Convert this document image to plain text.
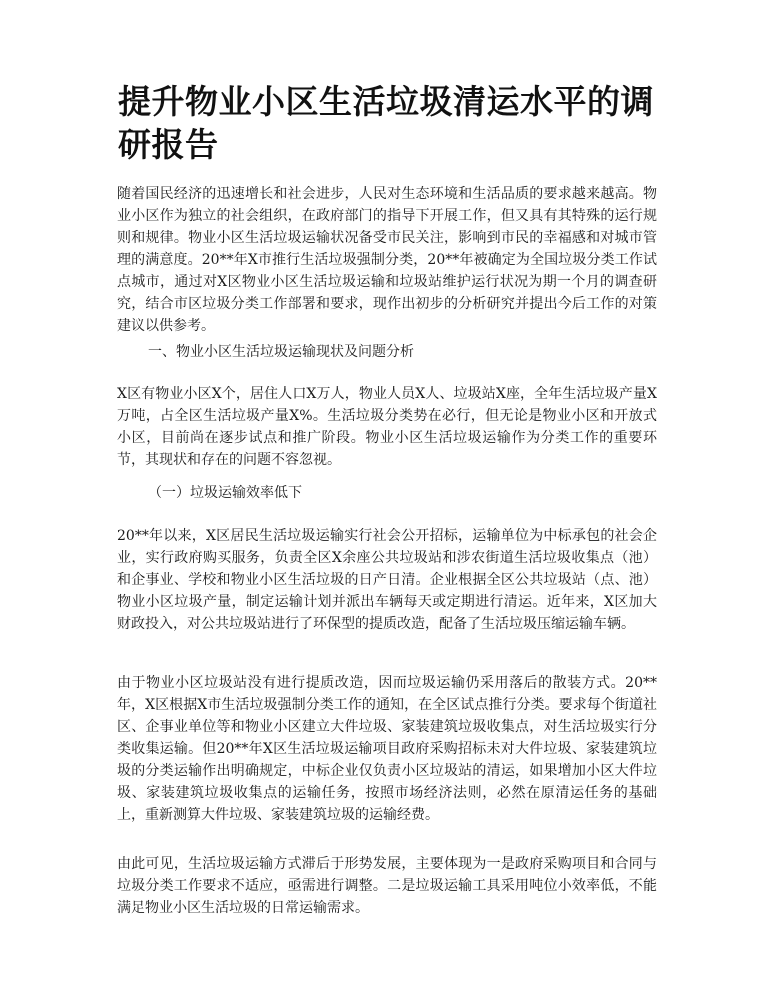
提升物业小区生活垃圾清运水平的调研报告

随着国民经济的迅速增长和社会进步，人民对生态环境和生活品质的要求越来越高。物业小区作为独立的社会组织，在政府部门的指导下开展工作，但又具有其特殊的运行规则和规律。物业小区生活垃圾运输状况备受市民关注，影响到市民的幸福感和对城市管理的满意度。20**年X市推行生活垃圾强制分类，20**年被确定为全国垃圾分类工作试点城市，通过对X区物业小区生活垃圾运输和垃圾站维护运行状况为期一个月的调查研究，结合市区垃圾分类工作部署和要求，现作出初步的分析研究并提出今后工作的对策建议以供参考。

一、物业小区生活垃圾运输现状及问题分析

X区有物业小区X个，居住人口X万人，物业人员X人、垃圾站X座，全年生活垃圾产量X万吨，占全区生活垃圾产量X%。生活垃圾分类势在必行，但无论是物业小区和开放式小区，目前尚在逐步试点和推广阶段。物业小区生活垃圾运输作为分类工作的重要环节，其现状和存在的问题不容忽视。

（一）垃圾运输效率低下

20**年以来，X区居民生活垃圾运输实行社会公开招标，运输单位为中标承包的社会企业，实行政府购买服务，负责全区X余座公共垃圾站和涉农街道生活垃圾收集点（池）和企事业、学校和物业小区生活垃圾的日产日清。企业根据全区公共垃圾站（点、池）物业小区垃圾产量，制定运输计划并派出车辆每天或定期进行清运。近年来，X区加大财政投入，对公共垃圾站进行了环保型的提质改造，配备了生活垃圾压缩运输车辆。

由于物业小区垃圾站没有进行提质改造，因而垃圾运输仍采用落后的散装方式。20**年，X区根据X市生活垃圾强制分类工作的通知，在全区试点推行分类。要求每个街道社区、企事业单位等和物业小区建立大件垃圾、家装建筑垃圾收集点，对生活垃圾实行分类收集运输。但20**年X区生活垃圾运输项目政府采购招标未对大件垃圾、家装建筑垃圾的分类运输作出明确规定，中标企业仅负责小区垃圾站的清运，如果增加小区大件垃圾、家装建筑垃圾收集点的运输任务，按照市场经济法则，必然在原清运任务的基础上，重新测算大件垃圾、家装建筑垃圾的运输经费。

由此可见，生活垃圾运输方式滞后于形势发展，主要体现为一是政府采购项目和合同与垃圾分类工作要求不适应，亟需进行调整。二是垃圾运输工具采用吨位小效率低，不能满足物业小区生活垃圾的日常运输需求。
